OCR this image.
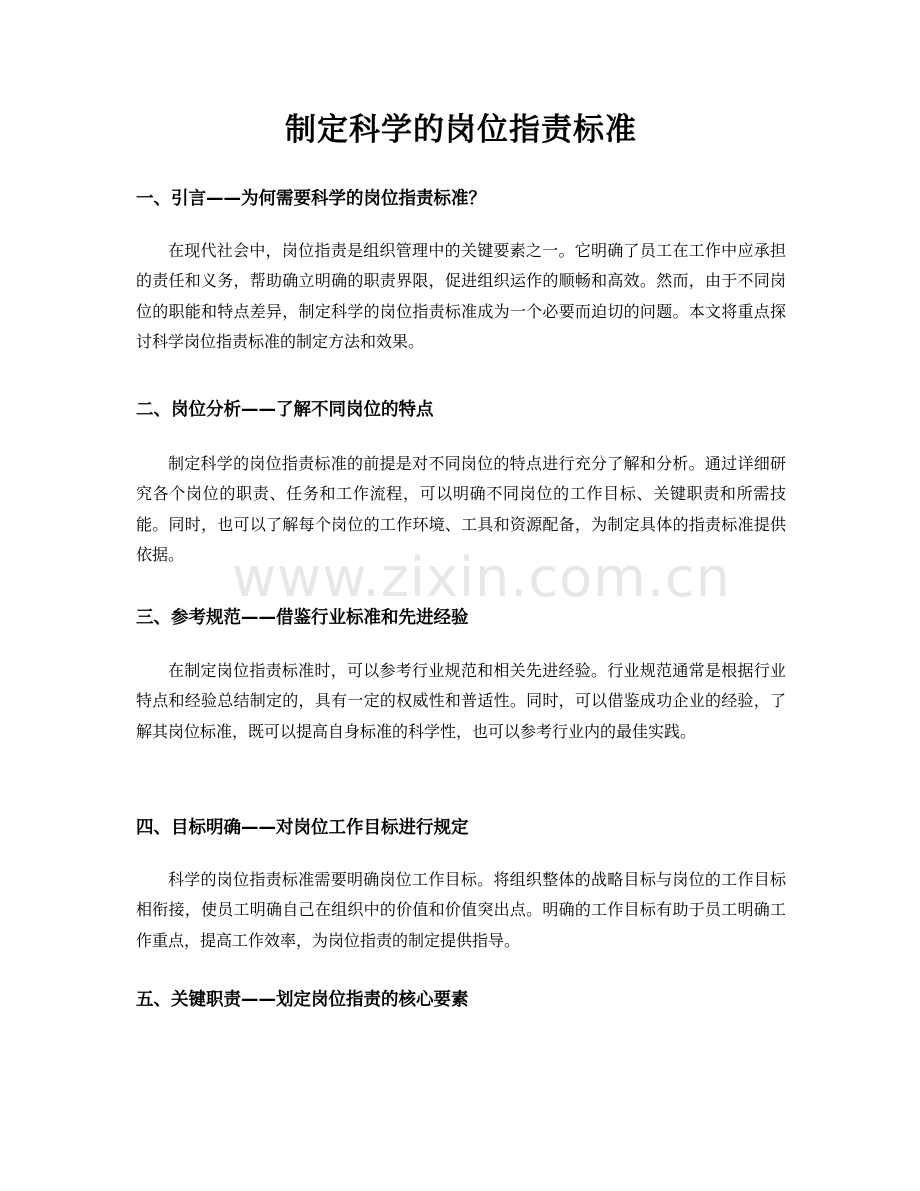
制定科学的岗位指责标准
一、引言——为何需要科学的岗位指责标准？

在现代社会中，岗位指责是组织管理中的关键要素之一。它明确了员工在工作中应承担的责任和义务，帮助确立明确的职责界限，促进组织运作的顺畅和高效。然而，由于不同岗位的职能和特点差异，制定科学的岗位指责标准成为一个必要而迫切的问题。本文将重点探讨科学岗位指责标准的制定方法和效果。

二、岗位分析——了解不同岗位的特点

制定科学的岗位指责标准的前提是对不同岗位的特点进行充分了解和分析。通过详细研究各个岗位的职责、任务和工作流程，可以明确不同岗位的工作目标、关键职责和所需技能。同时，也可以了解每个岗位的工作环境、工具和资源配备，为制定具体的指责标准提供依据。

三、参考规范——借鉴行业标准和先进经验

在制定岗位指责标准时，可以参考行业规范和相关先进经验。行业规范通常是根据行业特点和经验总结制定的，具有一定的权威性和普适性。同时，可以借鉴成功企业的经验，了解其岗位标准，既可以提高自身标准的科学性，也可以参考行业内的最佳实践。

四、目标明确——对岗位工作目标进行规定

科学的岗位指责标准需要明确岗位工作目标。将组织整体的战略目标与岗位的工作目标相衔接，使员工明确自己在组织中的价值和价值突出点。明确的工作目标有助于员工明确工作重点，提高工作效率，为岗位指责的制定提供指导。

五、关键职责——划定岗位指责的核心要素
www.zixin.com.cn
